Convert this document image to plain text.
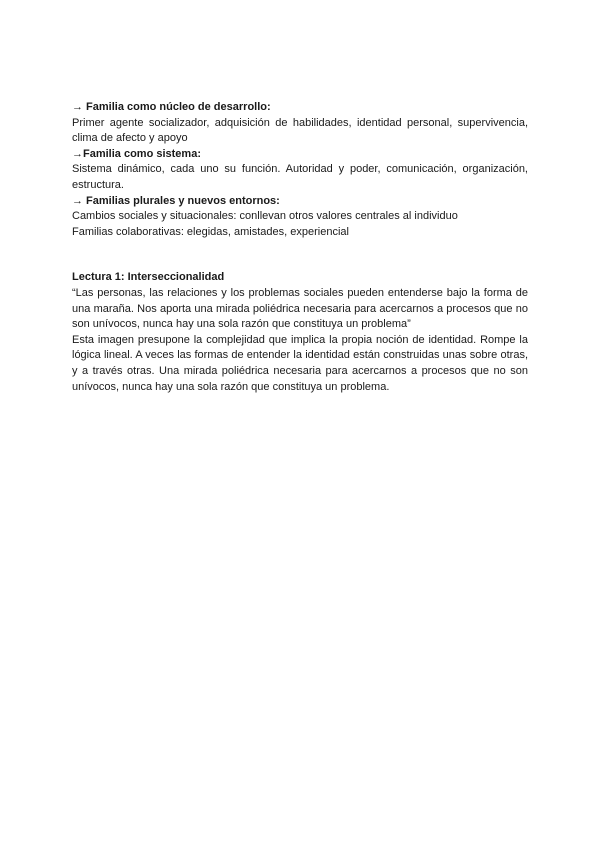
→ Familia como núcleo de desarrollo:

Primer agente socializador, adquisición de habilidades, identidad personal, supervivencia, clima de afecto y apoyo

→Familia como sistema:

Sistema dinámico, cada uno su función. Autoridad y poder, comunicación, organización, estructura.

→ Familias plurales y nuevos entornos:

Cambios sociales y situacionales: conllevan otros valores centrales al individuo

Familias colaborativas: elegidas, amistades, experiencial

Lectura 1: Interseccionalidad

“Las personas, las relaciones y los problemas sociales pueden entenderse bajo la forma de una maraña. Nos aporta una mirada poliédrica necesaria para acercarnos a procesos que no son unívocos, nunca hay una sola razón que constituya un problema”

Esta imagen presupone la complejidad que implica la propia noción de identidad. Rompe la lógica lineal. A veces las formas de entender la identidad están construidas unas sobre otras, y a través otras. Una mirada poliédrica necesaria para acercarnos a procesos que no son unívocos, nunca hay una sola razón que constituya un problema.
